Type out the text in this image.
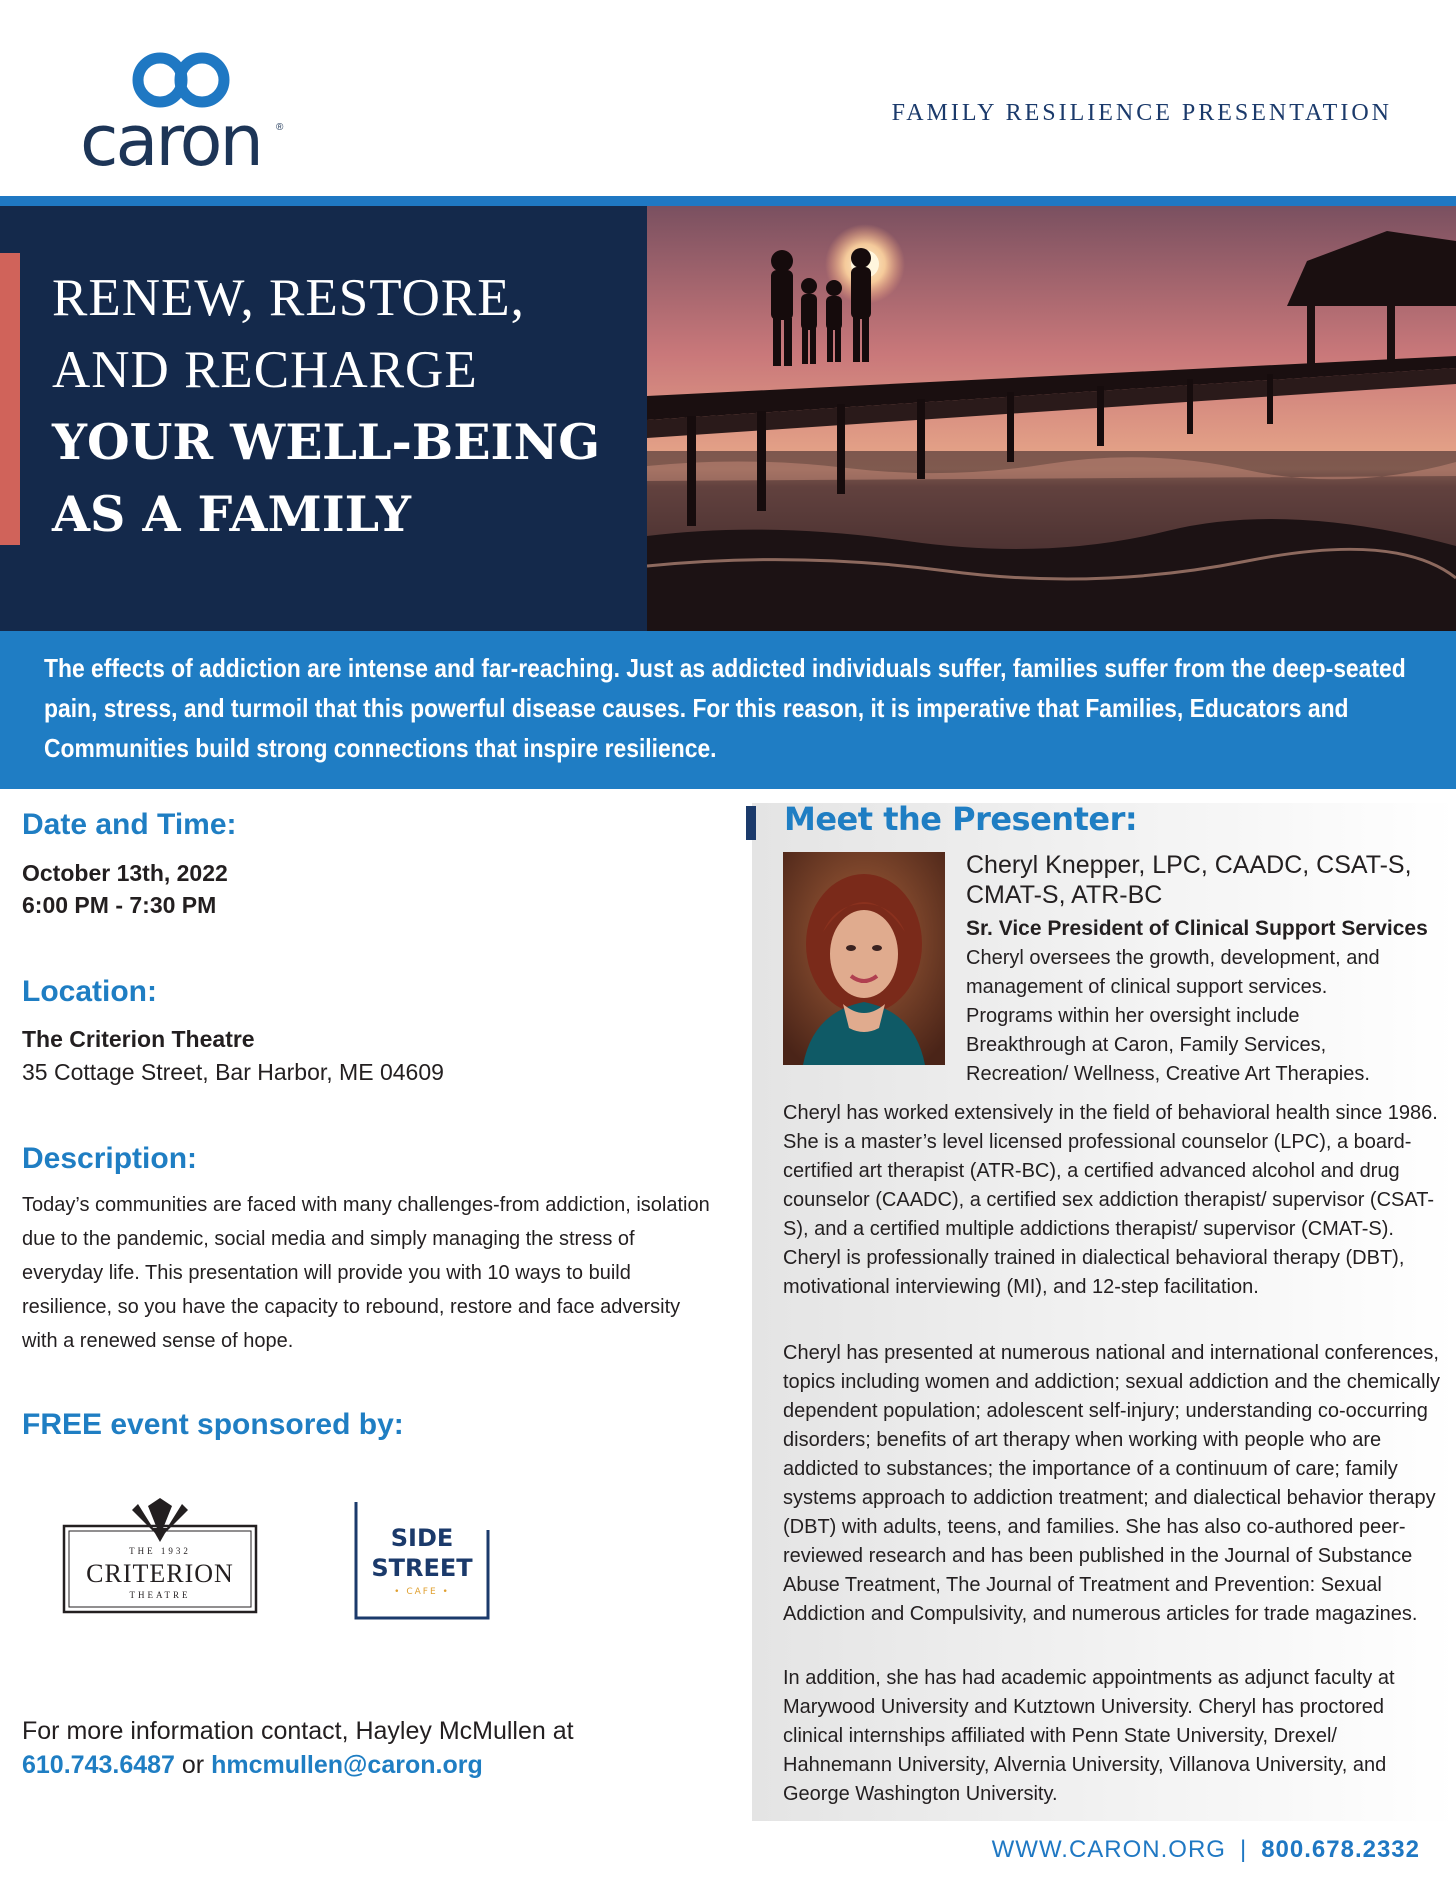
caron ®
FAMILY RESILIENCE PRESENTATION
RENEW, RESTORE,
AND RECHARGE
YOUR WELL-BEING
AS A FAMILY
The effects of addiction are intense and far-reaching. Just as addicted individuals suffer, families suffer from the deep-seated pain, stress, and turmoil that this powerful disease causes. For this reason, it is imperative that Families, Educators and Communities build strong connections that inspire resilience.
Date and Time:
October 13th, 2022
6:00 PM - 7:30 PM
Location:
The Criterion Theatre
35 Cottage Street, Bar Harbor, ME 04609
Description:
Today’s communities are faced with many challenges-from addiction, isolation due to the pandemic, social media and simply managing the stress of everyday life. This presentation will provide you with 10 ways to build resilience, so you have the capacity to rebound, restore and face adversity with a renewed sense of hope.
FREE event sponsored by:
THE 1932
CRITERION
THEATRE
SIDE
STREET
• CAFE •
For more information contact, Hayley McMullen at
610.743.6487 or hmcmullen@caron.org
Meet the Presenter:
Cheryl Knepper, LPC, CAADC, CSAT-S, CMAT-S, ATR-BC
Sr. Vice President of Clinical Support Services
Cheryl oversees the growth, development, and management of clinical support services. Programs within her oversight include Breakthrough at Caron, Family Services, Recreation/ Wellness, Creative Art Therapies.
Cheryl has worked extensively in the field of behavioral health since 1986. She is a master’s level licensed professional counselor (LPC), a board-certified art therapist (ATR-BC), a certified advanced alcohol and drug counselor (CAADC), a certified sex addiction therapist/ supervisor (CSAT-S), and a certified multiple addictions therapist/ supervisor (CMAT-S). Cheryl is professionally trained in dialectical behavioral therapy (DBT), motivational interviewing (MI), and 12-step facilitation.
Cheryl has presented at numerous national and international conferences, topics including women and addiction; sexual addiction and the chemically dependent population; adolescent self-injury; understanding co-occurring disorders; benefits of art therapy when working with people who are addicted to substances; the importance of a continuum of care; family systems approach to addiction treatment; and dialectical behavior therapy (DBT) with adults, teens, and families. She has also co-authored peer-reviewed research and has been published in the Journal of Substance Abuse Treatment, The Journal of Treatment and Prevention: Sexual Addiction and Compulsivity, and numerous articles for trade magazines.
In addition, she has had academic appointments as adjunct faculty at Marywood University and Kutztown University. Cheryl has proctored clinical internships affiliated with Penn State University, Drexel/ Hahnemann University, Alvernia University, Villanova University, and George Washington University.
WWW.CARON.ORG | 800.678.2332
